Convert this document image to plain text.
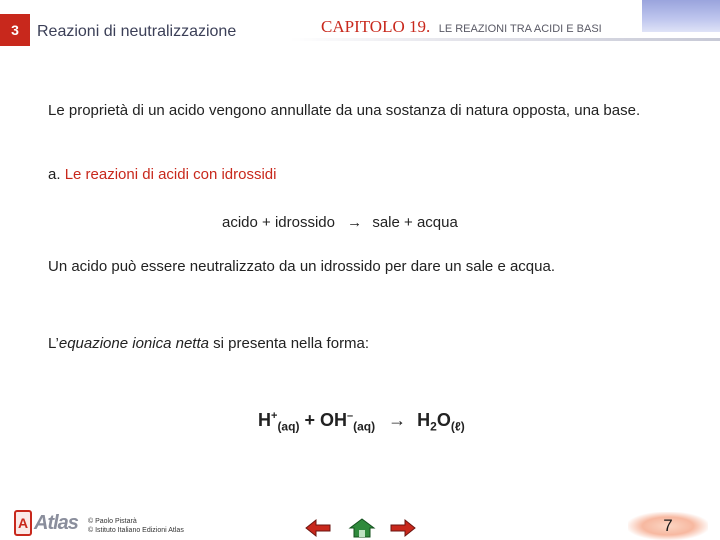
3	Reazioni di neutralizzazione	CAPITOLO 19. LE REAZIONI TRA ACIDI E BASI
Le proprietà di un acido vengono annullate da una sostanza di natura opposta, una base.
a. Le reazioni di acidi con idrossidi
acido + idrossido → sale + acqua
Un acido può essere neutralizzato da un idrossido per dare un sale e acqua.
L’equazione ionica netta si presenta nella forma:
$H^+_{(aq)} + OH^-_{(aq)} \to H_2O_{(\ell)}$
A Atlas © Paolo Pistarà
© Istituto Italiano Edizioni Atlas	7
